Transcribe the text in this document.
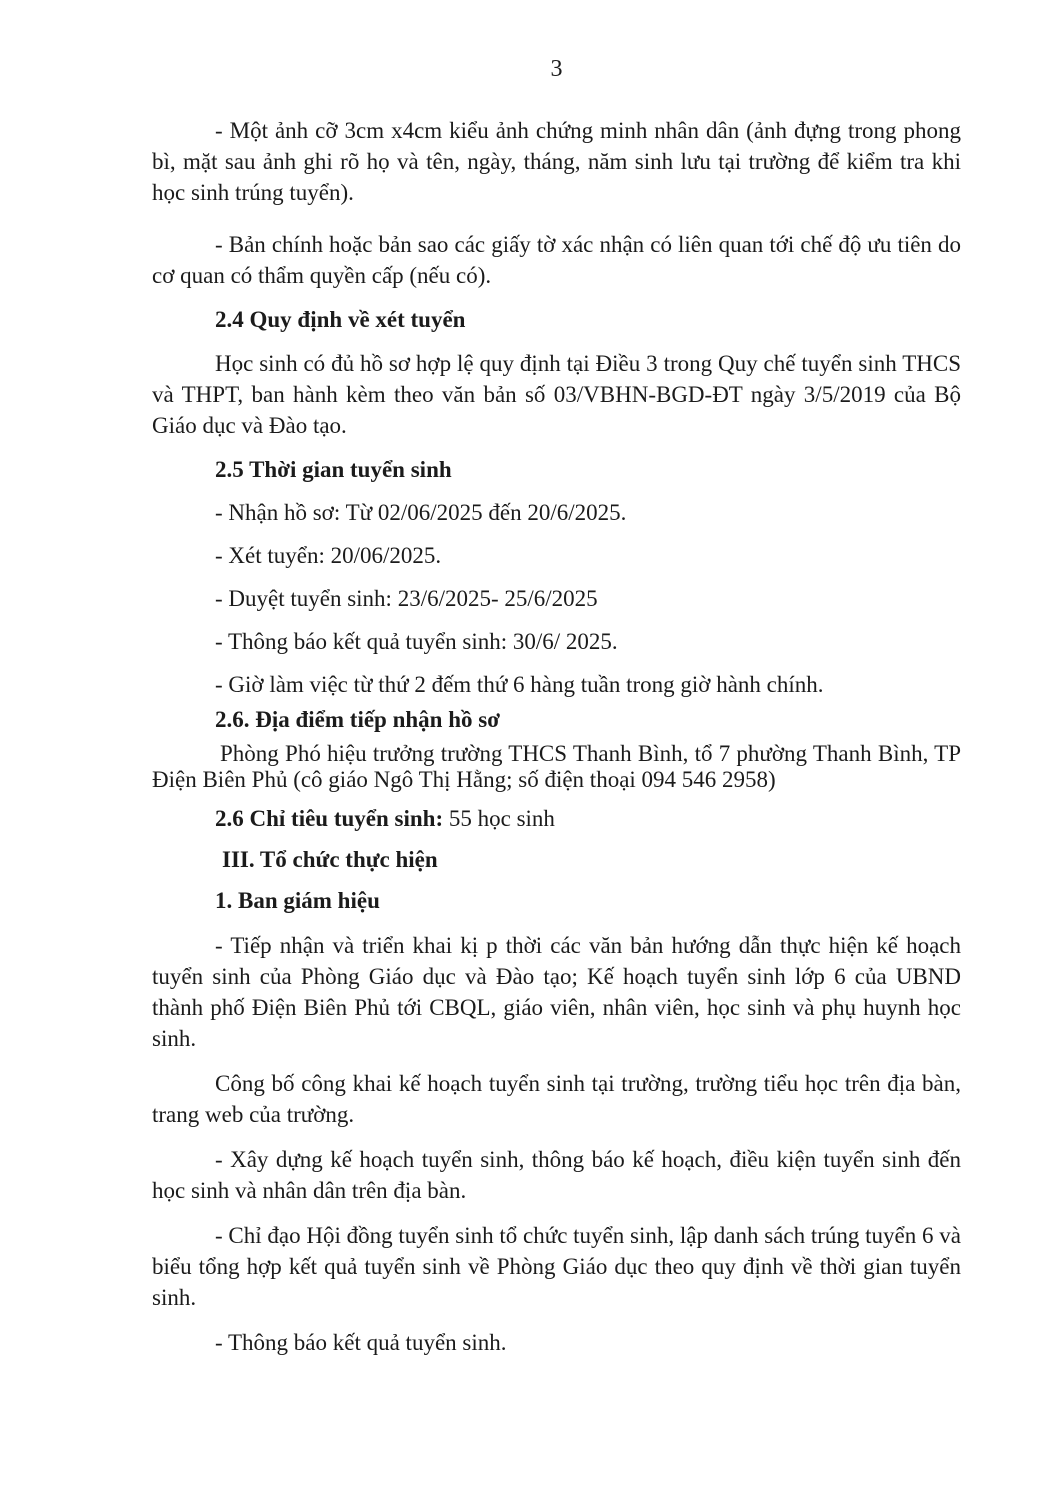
3

- Một ảnh cỡ 3cm x4cm kiểu ảnh chứng minh nhân dân (ảnh đựng trong phong bì, mặt sau ảnh ghi rõ họ và tên, ngày, tháng, năm sinh lưu tại trường để kiểm tra khi học sinh trúng tuyển).

- Bản chính hoặc bản sao các giấy tờ xác nhận có liên quan tới chế độ ưu tiên do cơ quan có thẩm quyền cấp (nếu có).

2.4 Quy định về xét tuyển

Học sinh có đủ hồ sơ hợp lệ quy định tại Điều 3 trong Quy chế tuyển sinh THCS và THPT, ban hành kèm theo văn bản số 03/VBHN-BGD-ĐT ngày 3/5/2019 của Bộ Giáo dục và Đào tạo.

2.5 Thời gian tuyển sinh

- Nhận hồ sơ: Từ 02/06/2025 đến 20/6/2025.

- Xét tuyển: 20/06/2025.

- Duyệt tuyển sinh: 23/6/2025- 25/6/2025

- Thông báo kết quả tuyển sinh: 30/6/ 2025.

- Giờ làm việc từ thứ 2 đếm thứ 6 hàng tuần trong giờ hành chính.

2.6. Địa điểm tiếp nhận hồ sơ

Phòng Phó hiệu trưởng trường THCS Thanh Bình, tổ 7 phường Thanh Bình, TP Điện Biên Phủ (cô giáo Ngô Thị Hằng; số điện thoại 094 546 2958)

2.6 Chỉ tiêu tuyển sinh: 55 học sinh

III. Tổ chức thực hiện

1. Ban giám hiệu

- Tiếp nhận và triển khai kị p thời các văn bản hướng dẫn thực hiện kế hoạch tuyển sinh của Phòng Giáo dục và Đào tạo; Kế hoạch tuyển sinh lớp 6 của UBND thành phố Điện Biên Phủ tới CBQL, giáo viên, nhân viên, học sinh và phụ huynh học sinh.

Công bố công khai kế hoạch tuyển sinh tại trường, trường tiểu học trên địa bàn, trang web của trường.

- Xây dựng kế hoạch tuyển sinh, thông báo kế hoạch, điều kiện tuyển sinh đến học sinh và nhân dân trên địa bàn.

- Chỉ đạo Hội đồng tuyển sinh tổ chức tuyển sinh, lập danh sách trúng tuyển 6 và biểu tổng hợp kết quả tuyển sinh về Phòng Giáo dục theo quy định về thời gian tuyển sinh.

- Thông báo kết quả tuyển sinh.
